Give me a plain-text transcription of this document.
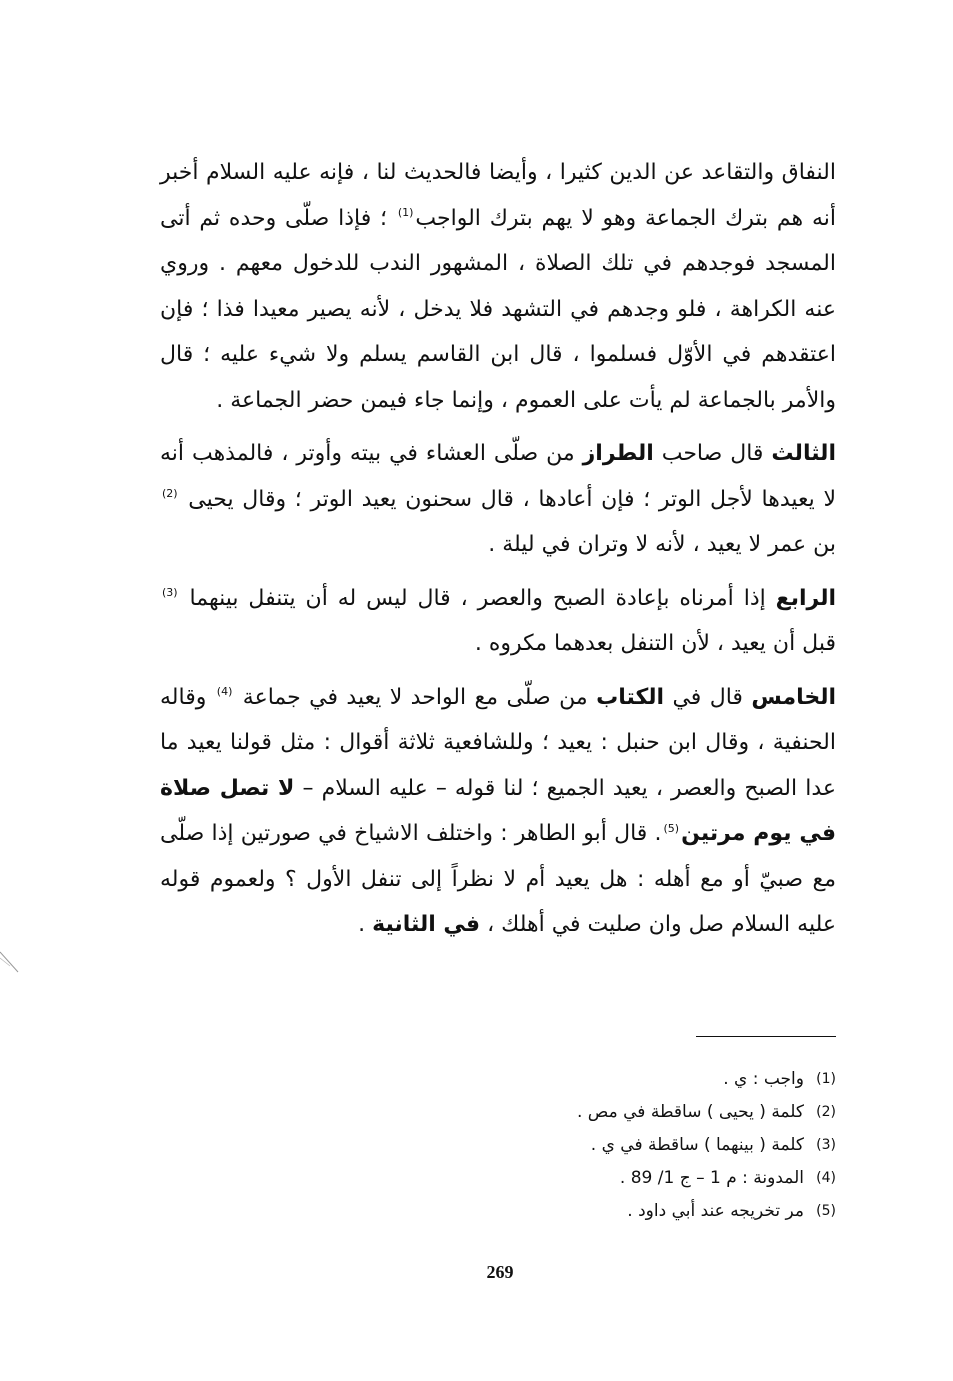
النفاق والتقاعد عن الدين كثيرا ، وأيضا فالحديث لنا ، فإنه عليه السلام أخبر أنه هم بترك الجماعة وهو لا يهم بترك الواجب$^{(1)}$ ؛ فإذا صلّى وحده ثم أتى المسجد فوجدهم في تلك الصلاة ، المشهور الندب للدخول معهم . وروي عنه الكراهة ، فلو وجدهم في التشهد فلا يدخل ، لأنه يصير معيدا فذا ؛ فإن اعتقدهم في الأوّل فسلموا ، قال ابن القاسم يسلم ولا شيء عليه ؛ قال والأمر بالجماعة لم يأت على العموم ، وإنما جاء فيمن حضر الجماعة .

الثالث قال صاحب الطراز من صلّى العشاء في بيته وأوتر ، فالمذهب أنه لا يعيدها لأجل الوتر ؛ فإن أعادها ، قال سحنون يعيد الوتر ؛ وقال يحيى $^{(2)}$ بن عمر لا يعيد ، لأنه لا وتران في ليلة .

الرابع إذا أمرناه بإعادة الصبح والعصر ، قال ليس له أن يتنفل بينهما $^{(3)}$ قبل أن يعيد ، لأن التنفل بعدهما مكروه .

الخامس قال في الكتاب من صلّى مع الواحد لا يعيد في جماعة $^{(4)}$ وقاله الحنفية ، وقال ابن حنبل : يعيد ؛ وللشافعية ثلاثة أقوال : مثل قولنا يعيد ما عدا الصبح والعصر ، يعيد الجميع ؛ لنا قوله – عليه السلام – لا تصل صلاة في يوم مرتين$^{(5)}$. قال أبو الطاهر : واختلف الاشياخ في صورتين إذا صلّى مع صبيّ أو مع أهله : هل يعيد أم لا نظراً إلى تنفل الأول ؟ ولعموم قوله عليه السلام صل وان صليت في أهلك ، في الثانية .

(1)
واجب : ي .
(2)
كلمة ( يحيى ) ساقطة في مص .
(3)
كلمة ( بينهما ) ساقطة في ي .
(4)
المدونة : م 1 – ج 1/ 89 .
(5)
مر تخريجه عند أبي داود .
269
